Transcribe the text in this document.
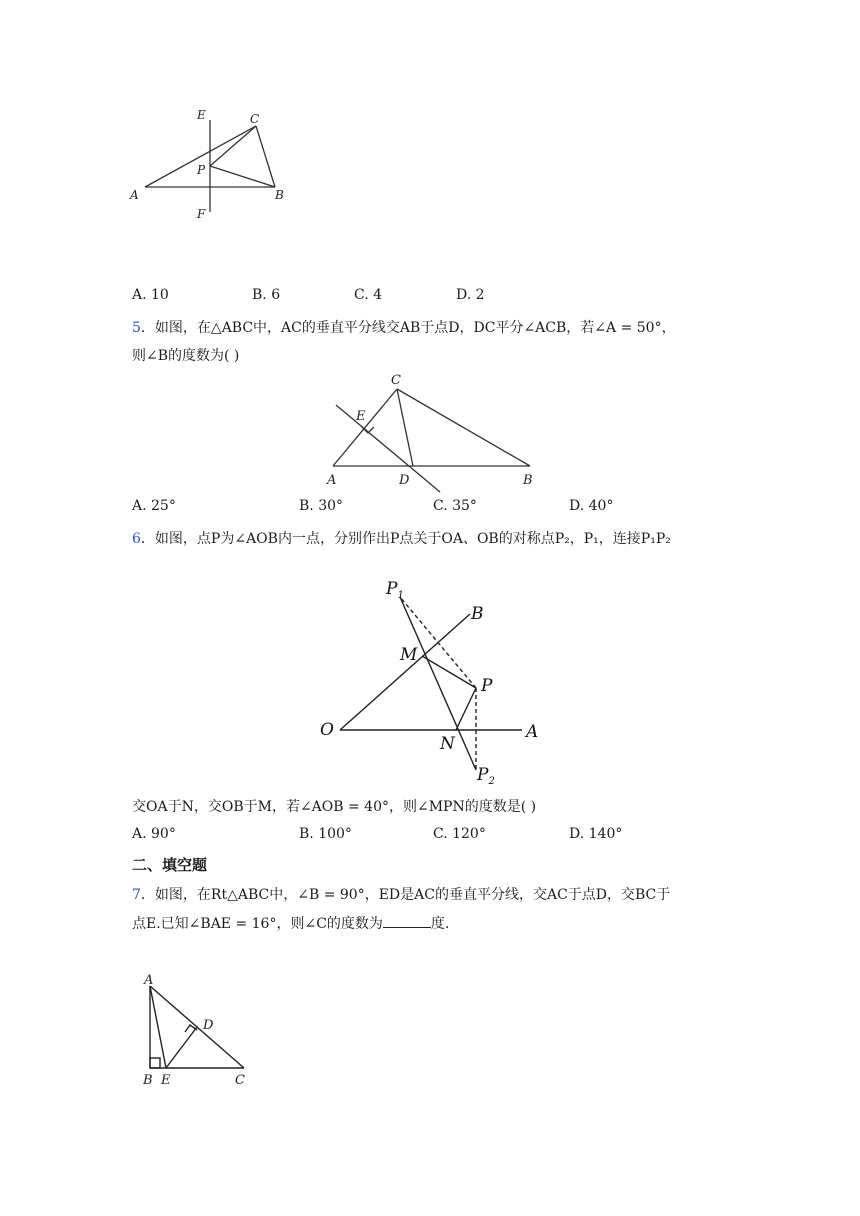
E	C
P
A	B
F
A. 10	B. 6	C. 4	D. 2
5．如图，在△ABC中，AC的垂直平分线交AB于点D，DC平分∠ACB，若∠A = 50°，
则∠B的度数为( )
C
E
A	D	B
A. 25°	B. 30°	C. 35°	D. 40°
6．如图，点P为∠AOB内一点，分别作出P点关于OA、OB的对称点P₂，P₁，连接P₁P₂
$P_1$
B
M
P
O
N
A
$P_2$
交OA于N，交OB于M，若∠AOB = 40°，则∠MPN的度数是( )
A. 90°	B. 100°	C. 120°	D. 140°
二、填空题
7．如图，在Rt△ABC中，∠B = 90°，ED是AC的垂直平分线，交AC于点D，交BC于
点E.已知∠BAE = 16°，则∠C的度数为	度.
A
D
B E	C
